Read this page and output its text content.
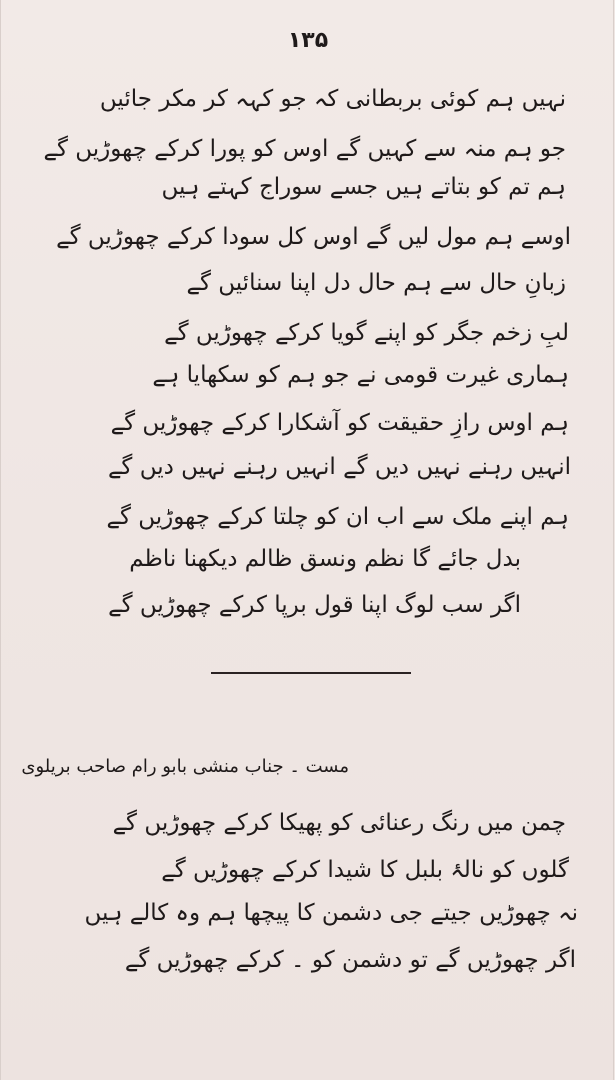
۱۳۵
نہیں ہم کوئی بربطانی کہ جو کہہ کر مکر جائیں
جو ہم منہ سے کہیں گے اوس کو پورا کرکے چھوڑیں گے
ہم تم کو بتاتے ہیں جسے سوراج کہتے ہیں
اوسے ہم مول لیں گے اوس کل سودا کرکے چھوڑیں گے
زبانِ حال سے ہم حال دل اپنا سنائیں گے
لبِ زخم جگر کو اپنے گویا کرکے چھوڑیں گے
ہماری غیرت قومی نے جو ہم کو سکھایا ہے
ہم اوس رازِ حقیقت کو آشکارا کرکے چھوڑیں گے
انہیں رہنے نہیں دیں گے انہیں رہنے نہیں دیں گے
ہم اپنے ملک سے اب ان کو چلتا کرکے چھوڑیں گے
بدل جائے گا نظم ونسق ظالم دیکھنا ناظم
اگر سب لوگ اپنا قول برپا کرکے چھوڑیں گے
مست ۔ جناب منشی بابو رام صاحب بریلوی
چمن میں رنگ رعنائی کو پھیکا کرکے چھوڑیں گے
گلوں کو نالۂ بلبل کا شیدا کرکے چھوڑیں گے
نہ چھوڑیں جیتے جی دشمن کا پیچھا ہم وہ کالے ہیں
اگر چھوڑیں گے تو دشمن کو ۔ کرکے چھوڑیں گے
